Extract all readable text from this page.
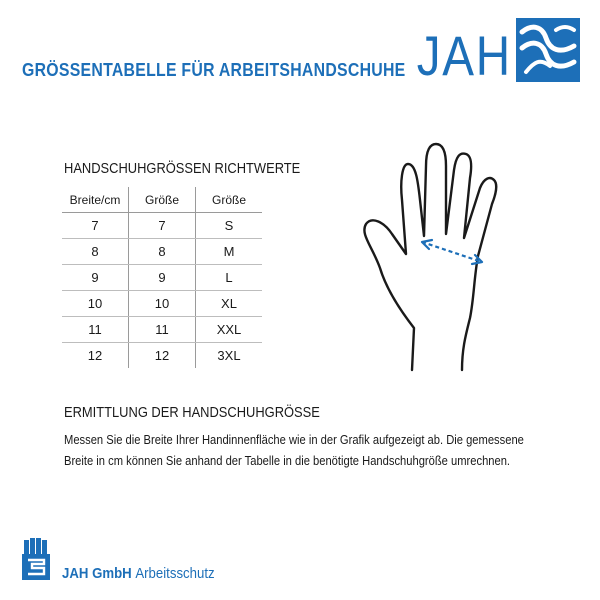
GRÖSSENTABELLE FÜR ARBEITSHANDSCHUHE JAH
HANDSCHUHGRÖSSEN RICHTWERTE
Breite/cm	Größe	Größe
7	7	S
8	8	M
9	9	L
10	10	XL
11	11	XXL
12	12	3XL
ERMITTLUNG DER HANDSCHUHGRÖSSE
Messen Sie die Breite Ihrer Handinnenfläche wie in der Grafik aufgezeigt ab. Die gemessene Breite in cm können Sie anhand der Tabelle in die benötigte Handschuhgröße umrechnen.
JAH GmbH Arbeitsschutz
